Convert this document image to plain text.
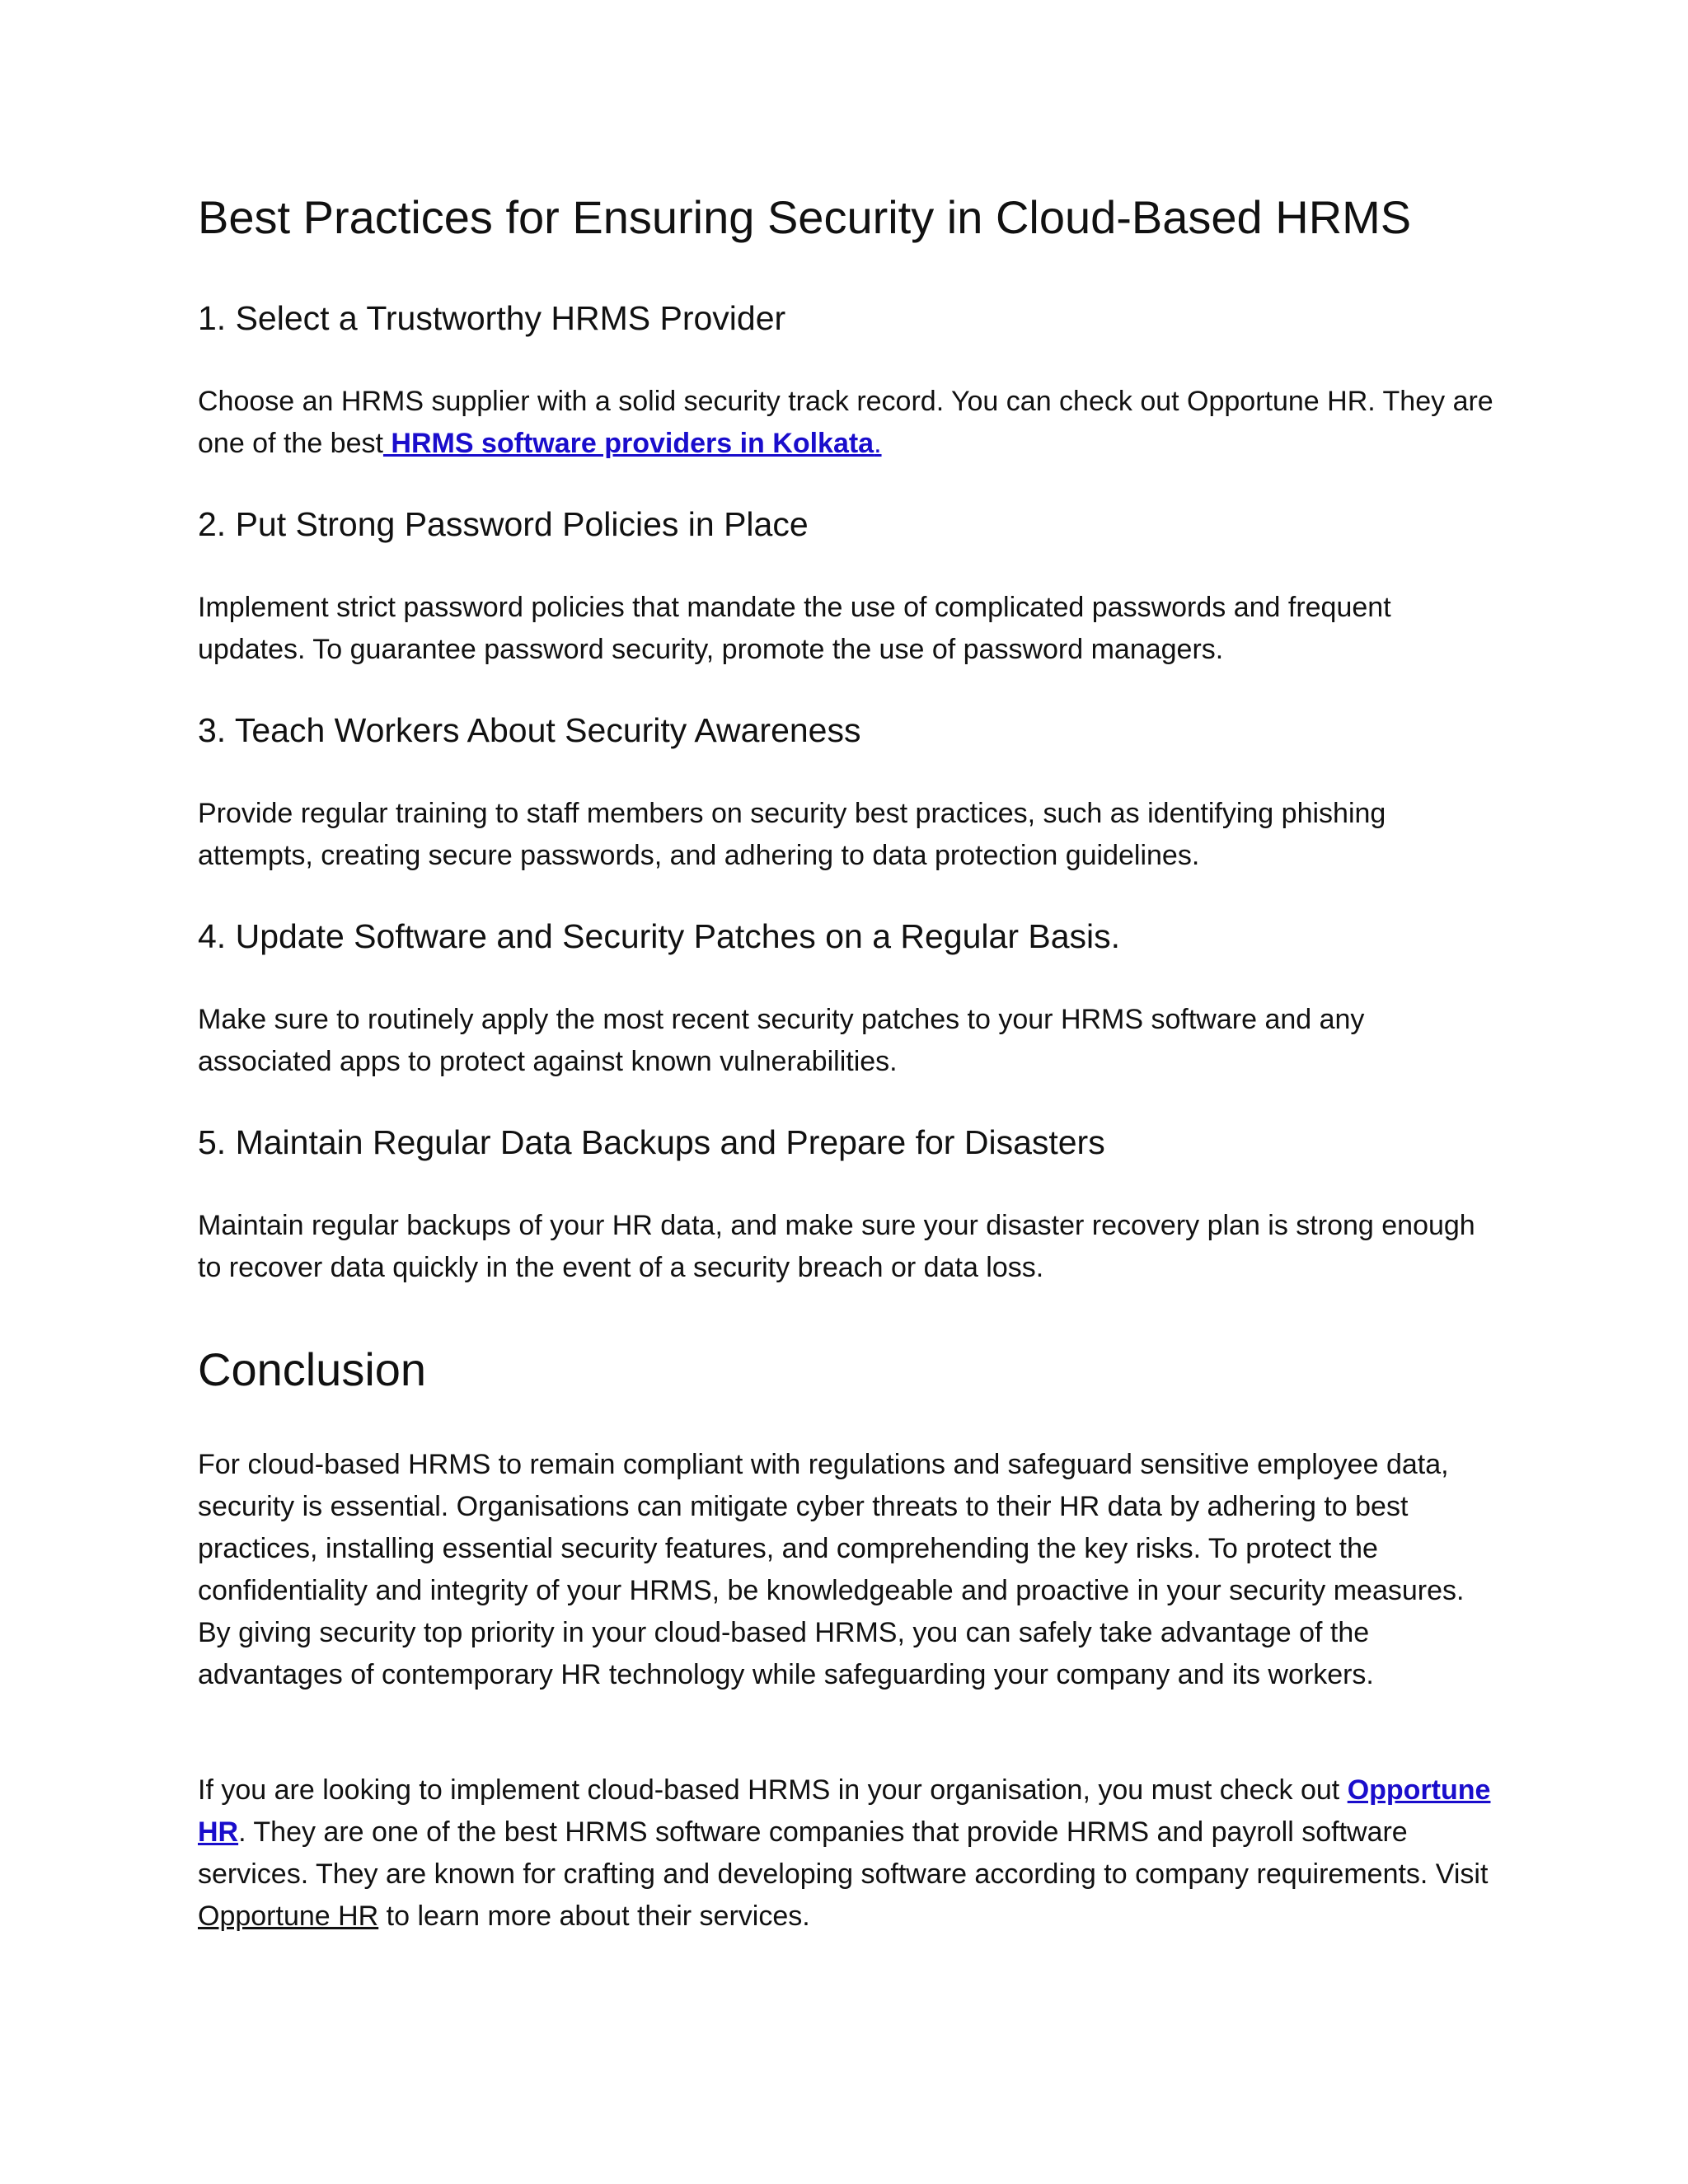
Best Practices for Ensuring Security in Cloud-Based HRMS
1. Select a Trustworthy HRMS Provider

Choose an HRMS supplier with a solid security track record. You can check out Opportune HR. They are one of the best HRMS software providers in Kolkata.

2. Put Strong Password Policies in Place

Implement strict password policies that mandate the use of complicated passwords and frequent updates. To guarantee password security, promote the use of password managers.

3. Teach Workers About Security Awareness

Provide regular training to staff members on security best practices, such as identifying phishing attempts, creating secure passwords, and adhering to data protection guidelines.

4. Update Software and Security Patches on a Regular Basis.

Make sure to routinely apply the most recent security patches to your HRMS software and any associated apps to protect against known vulnerabilities.

5. Maintain Regular Data Backups and Prepare for Disasters

Maintain regular backups of your HR data, and make sure your disaster recovery plan is strong enough to recover data quickly in the event of a security breach or data loss.

Conclusion

For cloud-based HRMS to remain compliant with regulations and safeguard sensitive employee data, security is essential. Organisations can mitigate cyber threats to their HR data by adhering to best practices, installing essential security features, and comprehending the key risks. To protect the confidentiality and integrity of your HRMS, be knowledgeable and proactive in your security measures. By giving security top priority in your cloud-based HRMS, you can safely take advantage of the advantages of contemporary HR technology while safeguarding your company and its workers.

If you are looking to implement cloud-based HRMS in your organisation, you must check out Opportune HR. They are one of the best HRMS software companies that provide HRMS and payroll software services. They are known for crafting and developing software according to company requirements. Visit Opportune HR to learn more about their services.
